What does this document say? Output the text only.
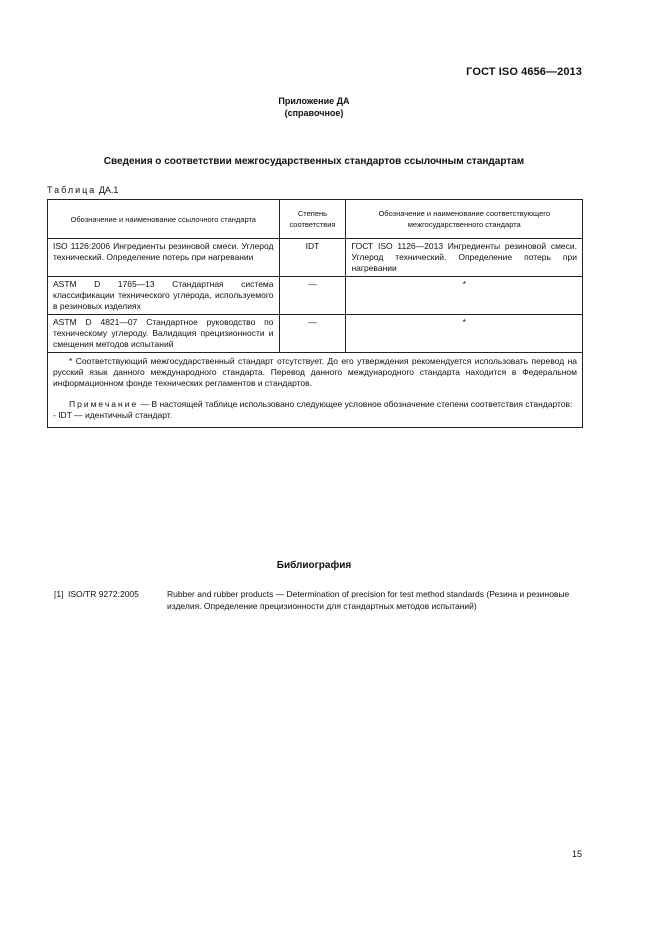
ГОСТ ISO 4656—2013
Приложение ДА
(справочное)
Сведения о соответствии межгосударственных стандартов ссылочным стандартам
Таблица ДА.1
Обозначение и наименование ссылочного стандарта	Степень соответствия	Обозначение и наименование соответствующего межгосударственного стандарта
ISO 1126:2006 Ингредиенты резиновой смеси. Углерод технический. Определение потерь при нагревании	IDT	ГОСТ ISO 1126—2013 Ингредиенты резиновой смеси. Углерод технический. Определение потерь при нагревании
ASTM D 1765—13 Стандартная система классификации технического углерода, используемого в резиновых изделиях	—	*
ASTM D 4821—07 Стандартное руководство по техническому углероду. Валидация прецизионности и смещения методов испытаний	—	*

* Соответствующий межгосударственный стандарт отсутствует. До его утверждения рекомендуется использовать перевод на русский язык данного международного стандарта. Перевод данного международного стандарта находится в Федеральном информационном фонде технических регламентов и стандартов.
Примечание — В настоящей таблице использовано следующее условное обозначение степени соответствия стандартов:
- IDT — идентичный стандарт.		
Библиография
[1] ISO/TR 9272:2005	Rubber and rubber products — Determination of precision for test method standards (Резина и резиновые изделия. Определение прецизионности для стандартных методов испытаний)
15
